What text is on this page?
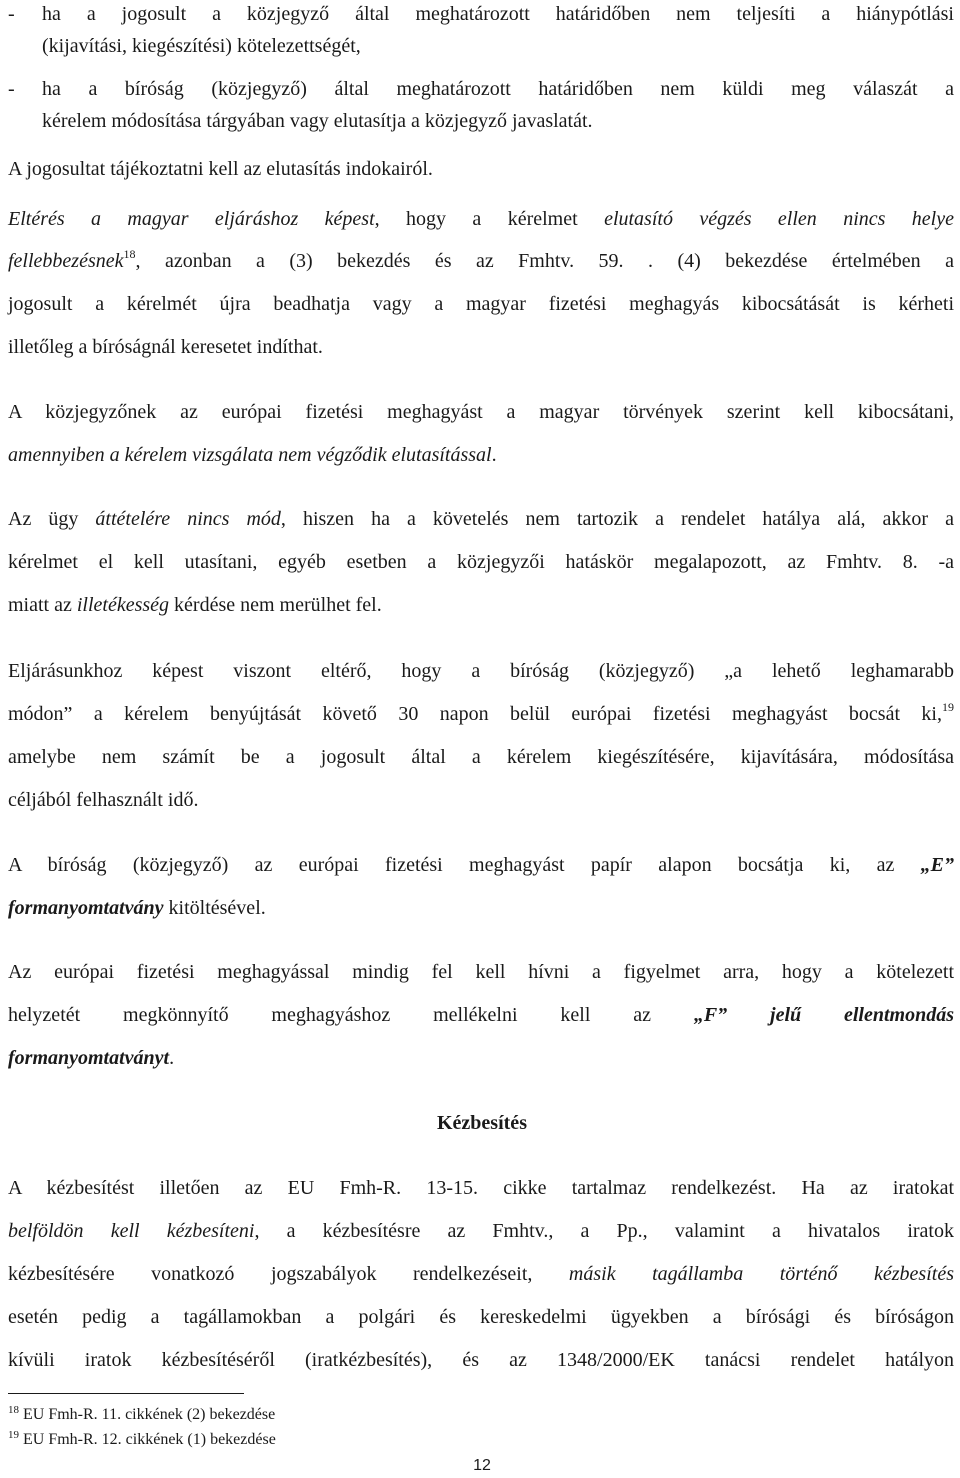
- ha a jogosult a közjegyző által meghatározott határidőben nem teljesíti a hiánypótlási
(kijavítási, kiegészítési) kötelezettségét,
- ha a bíróság (közjegyző) által meghatározott határidőben nem küldi meg válaszát a
kérelem módosítása tárgyában vagy elutasítja a közjegyző javaslatát.
A jogosultat tájékoztatni kell az elutasítás indokairól.
Eltérés a magyar eljáráshoz képest, hogy a kérelmet elutasító végzés ellen nincs helye
fellebbezésnek$^{18}$, azonban a (3) bekezdés és az Fmhtv. 59. . (4) bekezdése értelmében a
jogosult a kérelmét újra beadhatja vagy a magyar fizetési meghagyás kibocsátását is kérheti
illetőleg a bíróságnál keresetet indíthat.
A közjegyzőnek az európai fizetési meghagyást a magyar törvények szerint kell kibocsátani,
amennyiben a kérelem vizsgálata nem végződik elutasítással.
Az ügy áttételére nincs mód, hiszen ha a követelés nem tartozik a rendelet hatálya alá, akkor a
kérelmet el kell utasítani, egyéb esetben a közjegyzői hatáskör megalapozott, az Fmhtv. 8. -a
miatt az illetékesség kérdése nem merülhet fel.
Eljárásunkhoz képest viszont eltérő, hogy a bíróság (közjegyző) „a lehető leghamarabb
módon” a kérelem benyújtását követő 30 napon belül európai fizetési meghagyást bocsát ki,$^{19}$
amelybe nem számít be a jogosult által a kérelem kiegészítésére, kijavítására, módosítása
céljából felhasznált idő.
A bíróság (közjegyző) az európai fizetési meghagyást papír alapon bocsátja ki, az „E”
formanyomtatvány kitöltésével.
Az európai fizetési meghagyással mindig fel kell hívni a figyelmet arra, hogy a kötelezett
helyzetét megkönnyítő meghagyáshoz mellékelni kell az „F” jelű ellentmondás
formanyomtatványt.
Kézbesítés
A kézbesítést illetően az EU Fmh-R. 13-15. cikke tartalmaz rendelkezést. Ha az iratokat
belföldön kell kézbesíteni, a kézbesítésre az Fmhtv., a Pp., valamint a hivatalos iratok
kézbesítésére vonatkozó jogszabályok rendelkezéseit, másik tagállamba történő kézbesítés
esetén pedig a tagállamokban a polgári és kereskedelmi ügyekben a bírósági és bíróságon
kívüli iratok kézbesítéséről (iratkézbesítés), és az 1348/2000/EK tanácsi rendelet hatályon
$^{18}$ EU Fmh-R. 11. cikkének (2) bekezdése
$^{19}$ EU Fmh-R. 12. cikkének (1) bekezdése
12
